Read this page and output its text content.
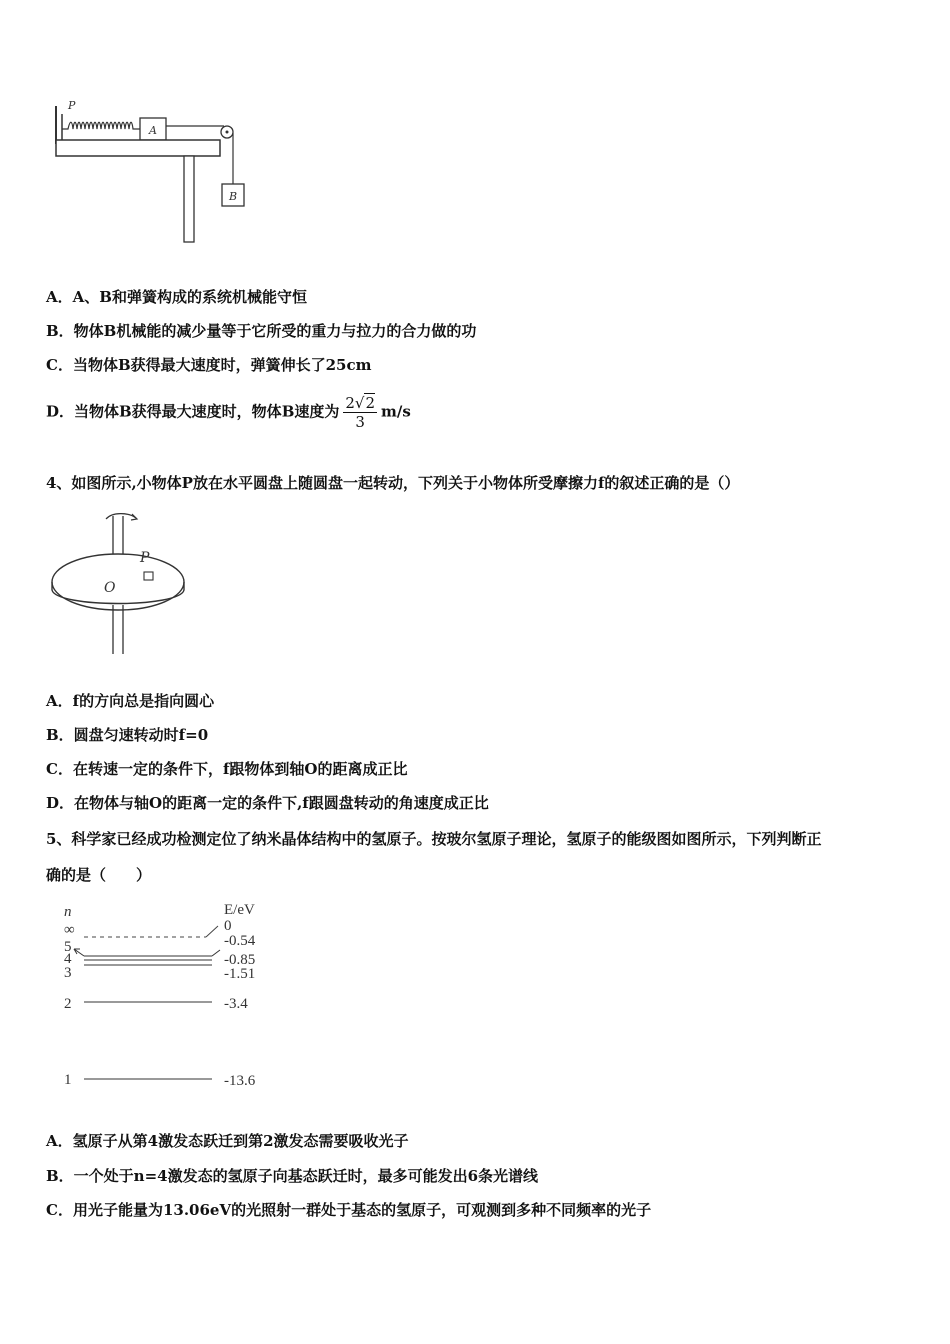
A
P
B
A．A、B和弹簧构成的系统机械能守恒
B．物体B机械能的减少量等于它所受的重力与拉力的合力做的功
C．当物体B获得最大速度时，弹簧伸长了25cm
D．当物体B获得最大速度时，物体B速度为 $\frac{2√2}{3} m/s$
4、如图所示,小物体P放在水平圆盘上随圆盘一起转动，下列关于小物体所受摩擦力f的叙述正确的是（）
P
O
A．f的方向总是指向圆心
B．圆盘匀速转动时f=0
C．在转速一定的条件下，f跟物体到轴O的距离成正比
D．在物体与轴O的距离一定的条件下,f跟圆盘转动的角速度成正比
5、科学家已经成功检测定位了纳米晶体结构中的氢原子。按玻尔氢原子理论，氢原子的能级图如图所示，下列判断正
确的是（　　）
n	E/eV
∞	0
5	-0.54
4	-0.85
3	-1.51
2	-3.4
1	-13.6
A．氢原子从第4激发态跃迁到第2激发态需要吸收光子
B．一个处于n=4激发态的氢原子向基态跃迁时，最多可能发出6条光谱线
C．用光子能量为13.06eV的光照射一群处于基态的氢原子，可观测到多种不同频率的光子
